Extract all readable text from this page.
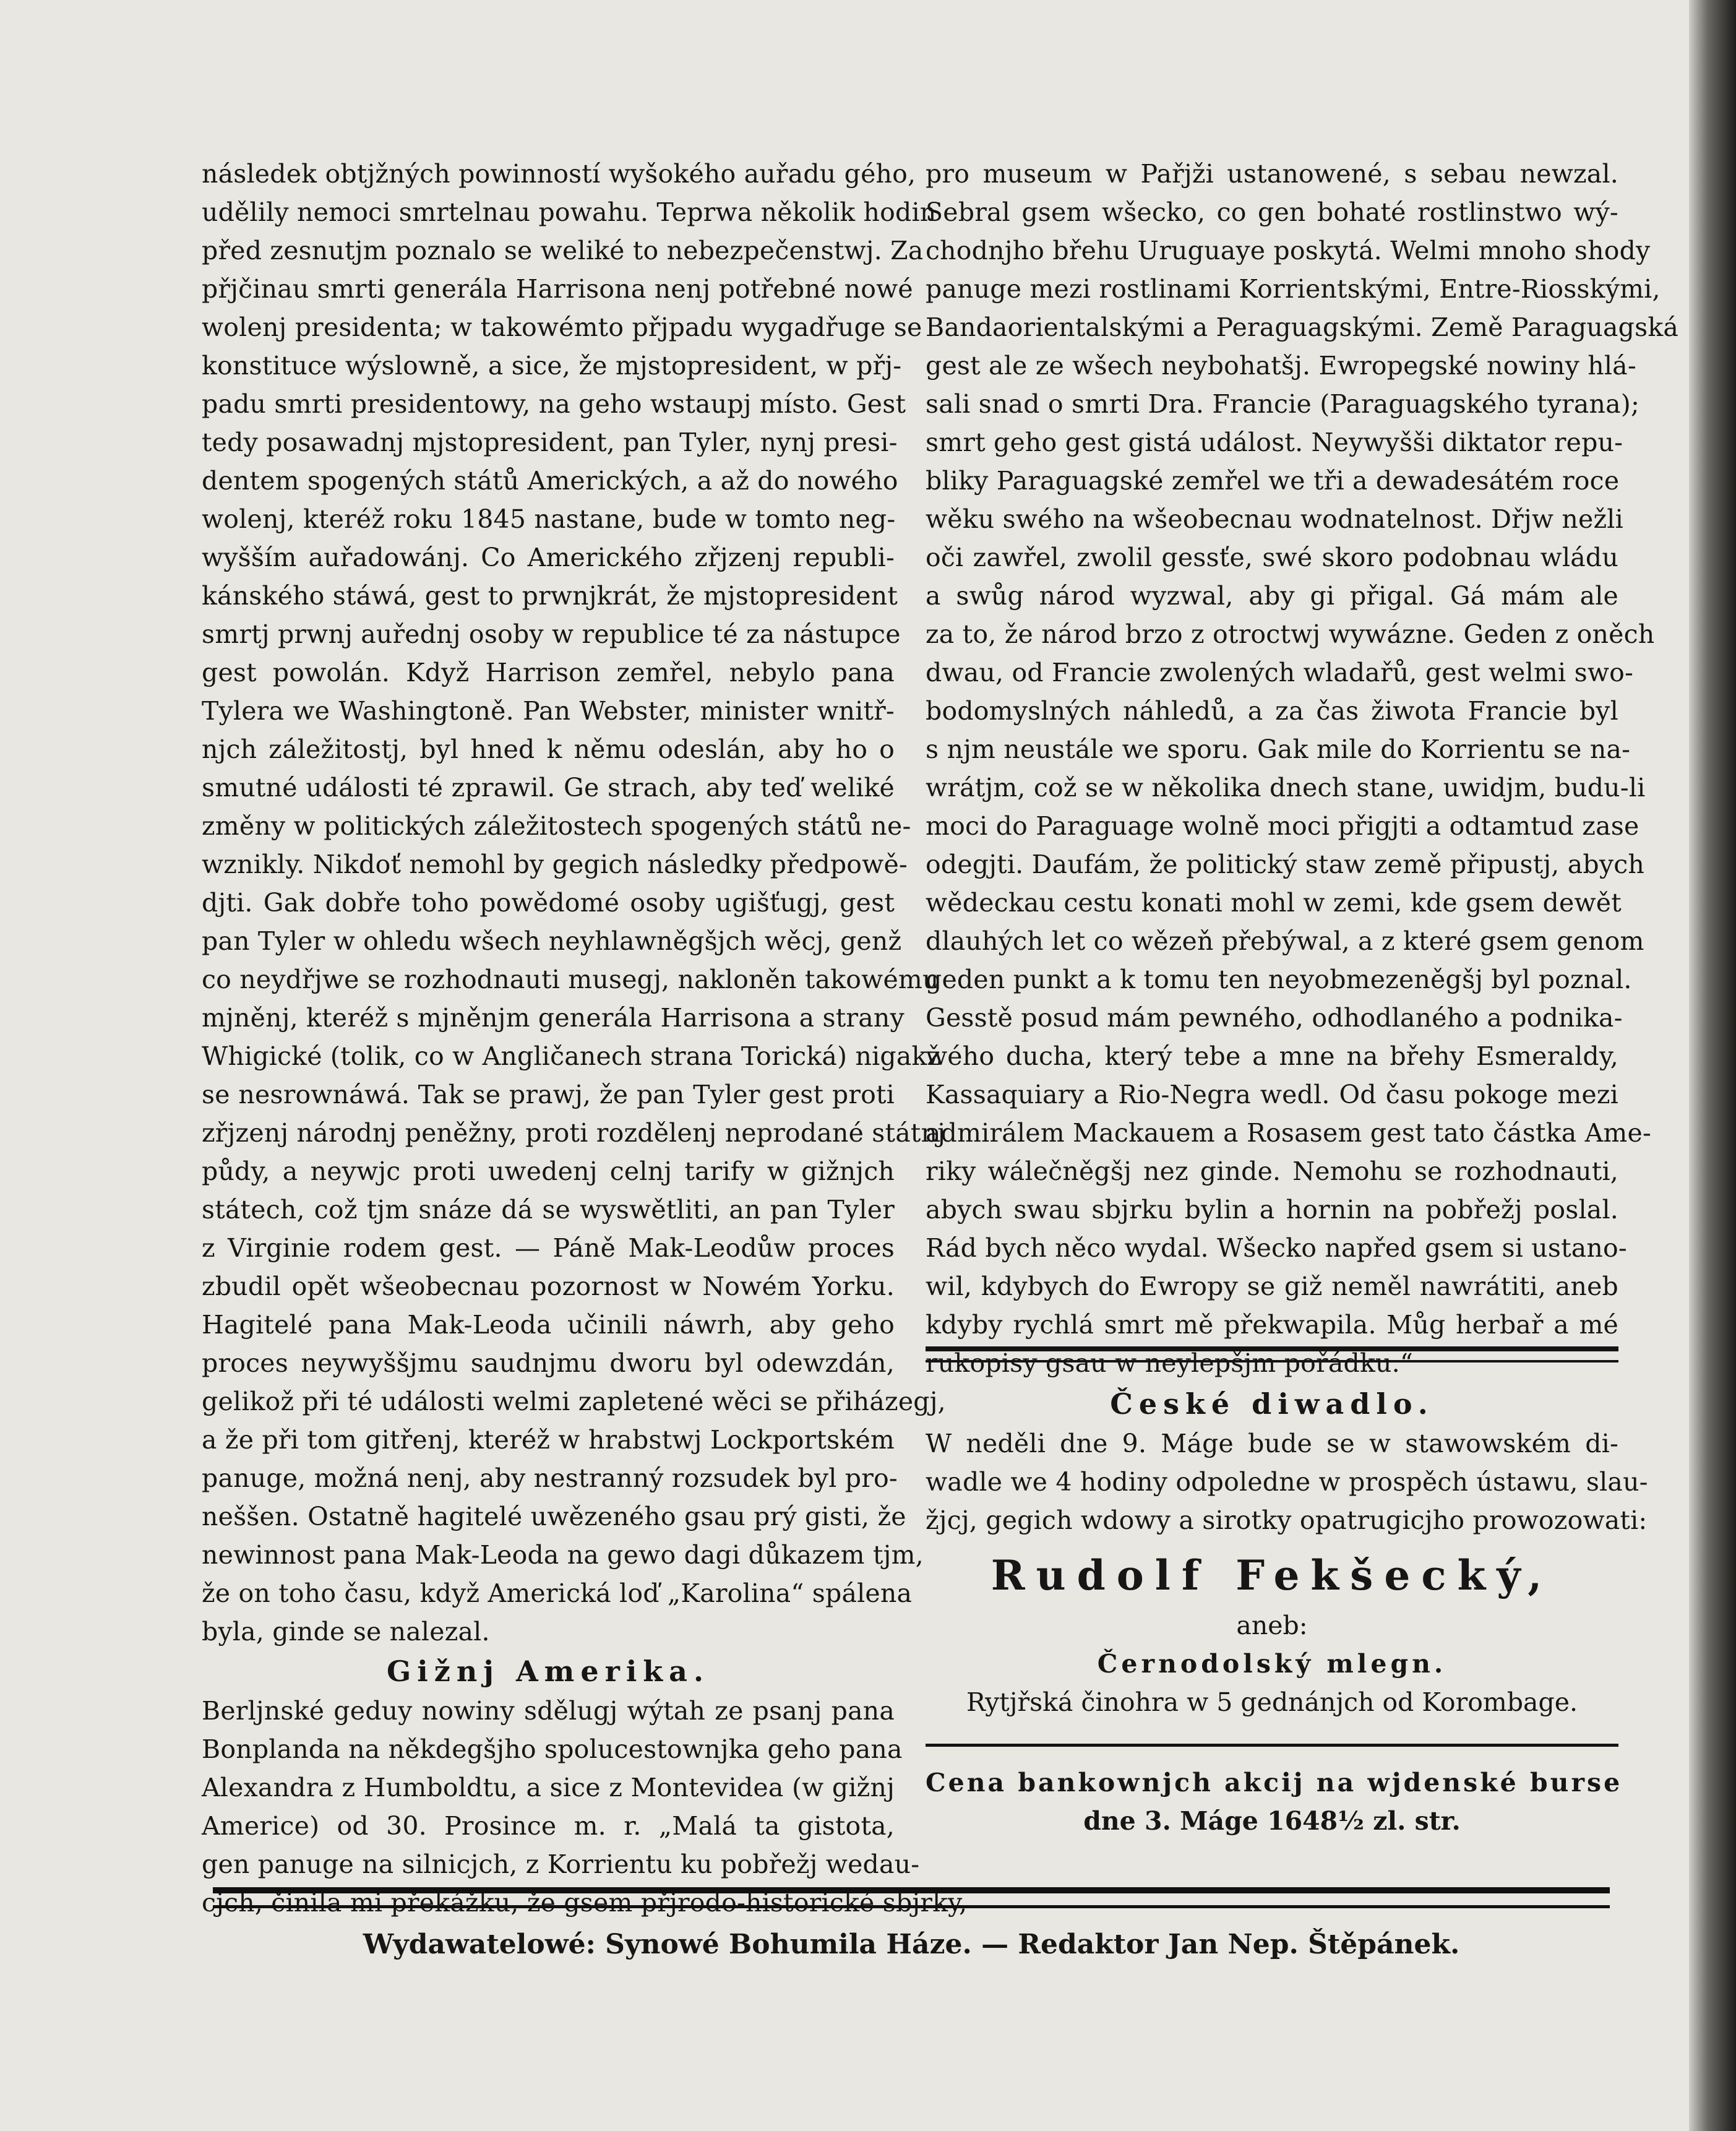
následek obtjžných powinností wyšokého auřadu gého,
udělily nemoci smrtelnau powahu. Teprwa několik hodin
před zesnutjm poznalo se weliké to nebezpečenstwj. Za
přjčinau smrti generála Harrisona nenj potřebné nowé
wolenj presidenta; w takowémto přjpadu wygadřuge se
konstituce wýslowně, a sice, že mjstopresident, w přj-
padu smrti presidentowy, na geho wstaupj místo. Gest
tedy posawadnj mjstopresident, pan Tyler, nynj presi-
dentem spogených států Amerických, a až do nowého
wolenj, kteréž roku 1845 nastane, bude w tomto neg-
wyšším auřadowánj. Co Amerického zřjzenj republi-
kánského stáwá, gest to prwnjkrát, že mjstopresident
smrtj prwnj auřednj osoby w republice té za nástupce
gest powolán. Když Harrison zemřel, nebylo pana
Tylera we Washingtoně. Pan Webster, minister wnitř-
njch záležitostj, byl hned k němu odeslán, aby ho o
smutné události té zprawil. Ge strach, aby teď weliké
změny w politických záležitostech spogených států ne-
wznikly. Nikdoť nemohl by gegich následky předpowě-
djti. Gak dobře toho powědomé osoby ugišťugj, gest
pan Tyler w ohledu wšech neyhlawněgšjch wěcj, genž
co neydřjwe se rozhodnauti musegj, nakloněn takowému
mjněnj, kteréž s mjněnjm generála Harrisona a strany
Whigické (tolik, co w Angličanech strana Torická) nigakž
se nesrownáwá. Tak se prawj, že pan Tyler gest proti
zřjzenj národnj peněžny, proti rozdělenj neprodané státnj
půdy, a neywjc proti uwedenj celnj tarify w gižnjch
státech, což tjm snáze dá se wyswětliti, an pan Tyler
z Virginie rodem gest. — Páně Mak-Leodůw proces
zbudil opět wšeobecnau pozornost w Nowém Yorku.
Hagitelé pana Mak-Leoda učinili náwrh, aby geho
proces neywyššjmu saudnjmu dworu byl odewzdán,
gelikož při té události welmi zapletené wěci se přiházegj,
a že při tom gitřenj, kteréž w hrabstwj Lockportském
panuge, možná nenj, aby nestranný rozsudek byl pro-
neššen. Ostatně hagitelé uwězeného gsau prý gisti, že
newinnost pana Mak-Leoda na gewo dagi důkazem tjm,
že on toho času, když Americká loď „Karolina“ spálena
byla, ginde se nalezal.
Gižnj Amerika.
Berljnské geduy nowiny sdělugj wýtah ze psanj pana
Bonplanda na někdegšjho spolucestownjka geho pana
Alexandra z Humboldtu, a sice z Montevidea (w gižnj
Americe) od 30. Prosince m. r. „Malá ta gistota,
gen panuge na silnicjch, z Korrientu ku pobřežj wedau-
cjch, činila mi překážku, že gsem přjrodo-historické sbjrky,
pro museum w Pařjži ustanowené, s sebau newzal.
Sebral gsem wšecko, co gen bohaté rostlinstwo wý-
chodnjho břehu Uruguaye poskytá. Welmi mnoho shody
panuge mezi rostlinami Korrientskými, Entre-Riosskými,
Bandaorientalskými a Peraguagskými. Země Paraguagská
gest ale ze wšech neybohatšj. Ewropegské nowiny hlá-
sali snad o smrti Dra. Francie (Paraguagského tyrana);
smrt geho gest gistá událost. Neywyšši diktator repu-
bliky Paraguagské zemřel we tři a dewadesátém roce
wěku swého na wšeobecnau wodnatelnost. Dřjw nežli
oči zawřel, zwolil gessťe, swé skoro podobnau wládu
a swůg národ wyzwal, aby gi přigal. Gá mám ale
za to, že národ brzo z otroctwj wywázne. Geden z oněch
dwau, od Francie zwolených wladařů, gest welmi swo-
bodomyslných náhledů, a za čas žiwota Francie byl
s njm neustále we sporu. Gak mile do Korrientu se na-
wrátjm, což se w několika dnech stane, uwidjm, budu-li
moci do Paraguage wolně moci přigjti a odtamtud zase
odegjti. Daufám, že politický staw země připustj, abych
wědeckau cestu konati mohl w zemi, kde gsem dewět
dlauhých let co wězeň přebýwal, a z které gsem genom
geden punkt a k tomu ten neyobmezeněgšj byl poznal.
Gesstě posud mám pewného, odhodlaného a podnika-
wého ducha, který tebe a mne na břehy Esmeraldy,
Kassaquiary a Rio-Negra wedl. Od času pokoge mezi
admirálem Mackauem a Rosasem gest tato částka Ame-
riky wálečněgšj nez ginde. Nemohu se rozhodnauti,
abych swau sbjrku bylin a hornin na pobřežj poslal.
Rád bych něco wydal. Wšecko napřed gsem si ustano-
wil, kdybych do Ewropy se giž neměl nawrátiti, aneb
kdyby rychlá smrt mě překwapila. Můg herbař a mé
rukopisy gsau w neylepšjm pořádku.“
České diwadlo.
W neděli dne 9. Máge bude se w stawowském di-
wadle we 4 hodiny odpoledne w prospěch ústawu, slau-
žjcj, gegich wdowy a sirotky opatrugicjho prowozowati:
Rudolf Fekšecký,
aneb:
Černodolský mlegn.
Rytjřská činohra w 5 gednánjch od Korombage.
Cena bankownjch akcij na wjdenské burse
dne 3. Máge 1648½ zl. str.
Wydawatelowé: Synowé Bohumila Háze. — Redaktor Jan Nep. Štěpánek.
